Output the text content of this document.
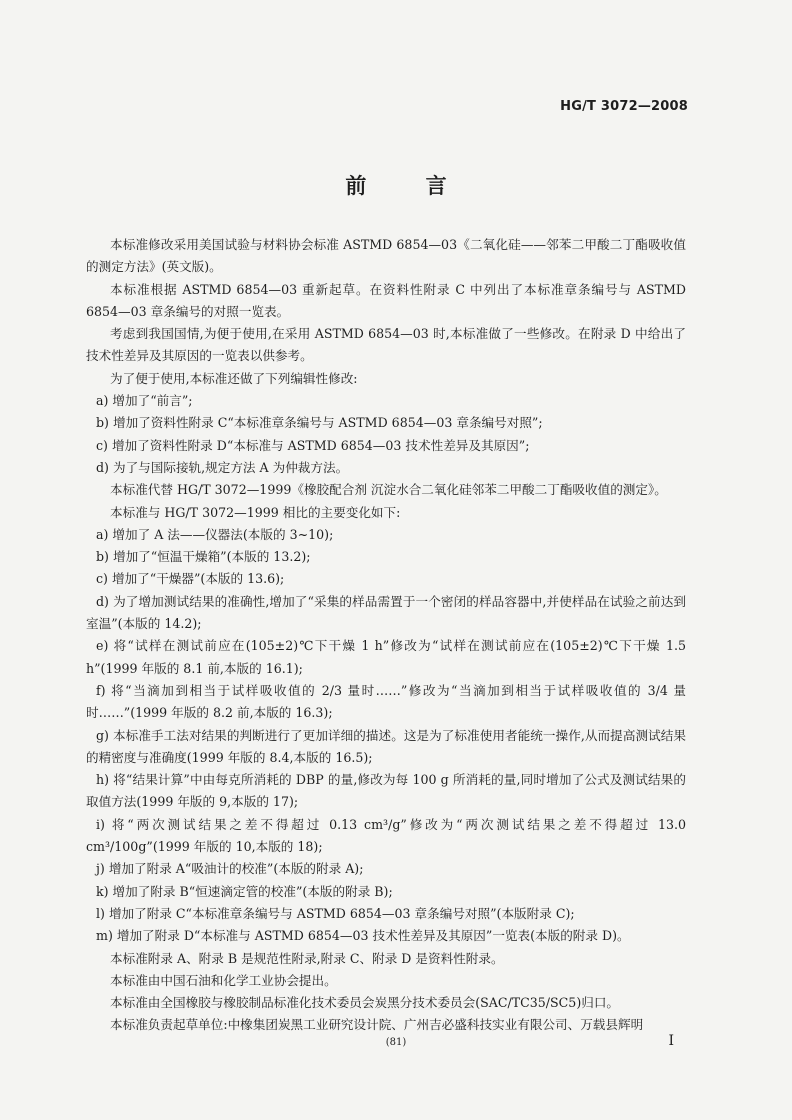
HG/T 3072—2008
前 言

本标准修改采用美国试验与材料协会标准 ASTMD 6854—03《二氧化硅——邻苯二甲酸二丁酯吸收值的测定方法》(英文版)。

本标准根据 ASTMD 6854—03 重新起草。在资料性附录 C 中列出了本标准章条编号与 ASTMD 6854—03 章条编号的对照一览表。

考虑到我国国情,为便于使用,在采用 ASTMD 6854—03 时,本标准做了一些修改。在附录 D 中给出了技术性差异及其原因的一览表以供参考。

为了便于使用,本标准还做了下列编辑性修改:

a) 增加了“前言”;

b) 增加了资料性附录 C“本标准章条编号与 ASTMD 6854—03 章条编号对照”;

c) 增加了资料性附录 D“本标准与 ASTMD 6854—03 技术性差异及其原因”;

d) 为了与国际接轨,规定方法 A 为仲裁方法。

本标准代替 HG/T 3072—1999《橡胶配合剂 沉淀水合二氧化硅邻苯二甲酸二丁酯吸收值的测定》。

本标准与 HG/T 3072—1999 相比的主要变化如下:

a) 增加了 A 法——仪器法(本版的 3~10);

b) 增加了“恒温干燥箱”(本版的 13.2);

c) 增加了“干燥器”(本版的 13.6);

d) 为了增加测试结果的准确性,增加了“采集的样品需置于一个密闭的样品容器中,并使样品在试验之前达到室温”(本版的 14.2);

e) 将“试样在测试前应在(105±2)℃下干燥 1 h”修改为“试样在测试前应在(105±2)℃下干燥 1.5 h”(1999 年版的 8.1 前,本版的 16.1);

f) 将“当滴加到相当于试样吸收值的 2/3 量时……”修改为“当滴加到相当于试样吸收值的 3/4 量时……”(1999 年版的 8.2 前,本版的 16.3);

g) 本标准手工法对结果的判断进行了更加详细的描述。这是为了标准使用者能统一操作,从而提高测试结果的精密度与准确度(1999 年版的 8.4,本版的 16.5);

h) 将“结果计算”中由每克所消耗的 DBP 的量,修改为每 100 g 所消耗的量,同时增加了公式及测试结果的取值方法(1999 年版的 9,本版的 17);

i) 将“两次测试结果之差不得超过 0.13 cm³/g”修改为“两次测试结果之差不得超过 13.0 cm³/100g”(1999 年版的 10,本版的 18);

j) 增加了附录 A“吸油计的校准”(本版的附录 A);

k) 增加了附录 B“恒速滴定管的校准”(本版的附录 B);

l) 增加了附录 C“本标准章条编号与 ASTMD 6854—03 章条编号对照”(本版附录 C);

m) 增加了附录 D“本标准与 ASTMD 6854—03 技术性差异及其原因”一览表(本版的附录 D)。

本标准附录 A、附录 B 是规范性附录,附录 C、附录 D 是资料性附录。

本标准由中国石油和化学工业协会提出。

本标准由全国橡胶与橡胶制品标准化技术委员会炭黑分技术委员会(SAC/TC35/SC5)归口。

本标准负责起草单位:中橡集团炭黑工业研究设计院、广州吉必盛科技实业有限公司、万载县辉明

(81)	I
